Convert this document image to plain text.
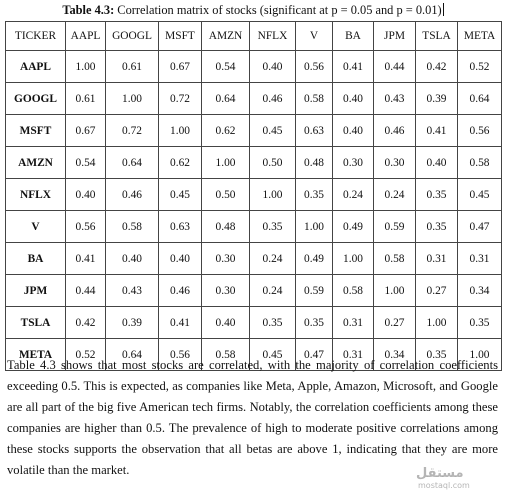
Table 4.3: Correlation matrix of stocks (significant at p = 0.05 and p = 0.01)
TICKER	AAPL	GOOGL	MSFT	AMZN	NFLX	V	BA	JPM	TSLA	META
AAPL	1.00	0.61	0.67	0.54	0.40	0.56	0.41	0.44	0.42	0.52
GOOGL	0.61	1.00	0.72	0.64	0.46	0.58	0.40	0.43	0.39	0.64
MSFT	0.67	0.72	1.00	0.62	0.45	0.63	0.40	0.46	0.41	0.56
AMZN	0.54	0.64	0.62	1.00	0.50	0.48	0.30	0.30	0.40	0.58
NFLX	0.40	0.46	0.45	0.50	1.00	0.35	0.24	0.24	0.35	0.45
V	0.56	0.58	0.63	0.48	0.35	1.00	0.49	0.59	0.35	0.47
BA	0.41	0.40	0.40	0.30	0.24	0.49	1.00	0.58	0.31	0.31
JPM	0.44	0.43	0.46	0.30	0.24	0.59	0.58	1.00	0.27	0.34
TSLA	0.42	0.39	0.41	0.40	0.35	0.35	0.31	0.27	1.00	0.35
META	0.52	0.64	0.56	0.58	0.45	0.47	0.31	0.34	0.35	1.00

Table 4.3 shows that most stocks are correlated, with the majority of correlation coefficients exceeding 0.5. This is expected, as companies like Meta, Apple, Amazon, Microsoft, and Google are all part of the big five American tech firms. Notably, the correlation coefficients among these companies are higher than 0.5. The prevalence of high to moderate positive correlations among these stocks supports the observation that all betas are above 1, indicating that they are more volatile than the market.	مستقل
mostaql.com
